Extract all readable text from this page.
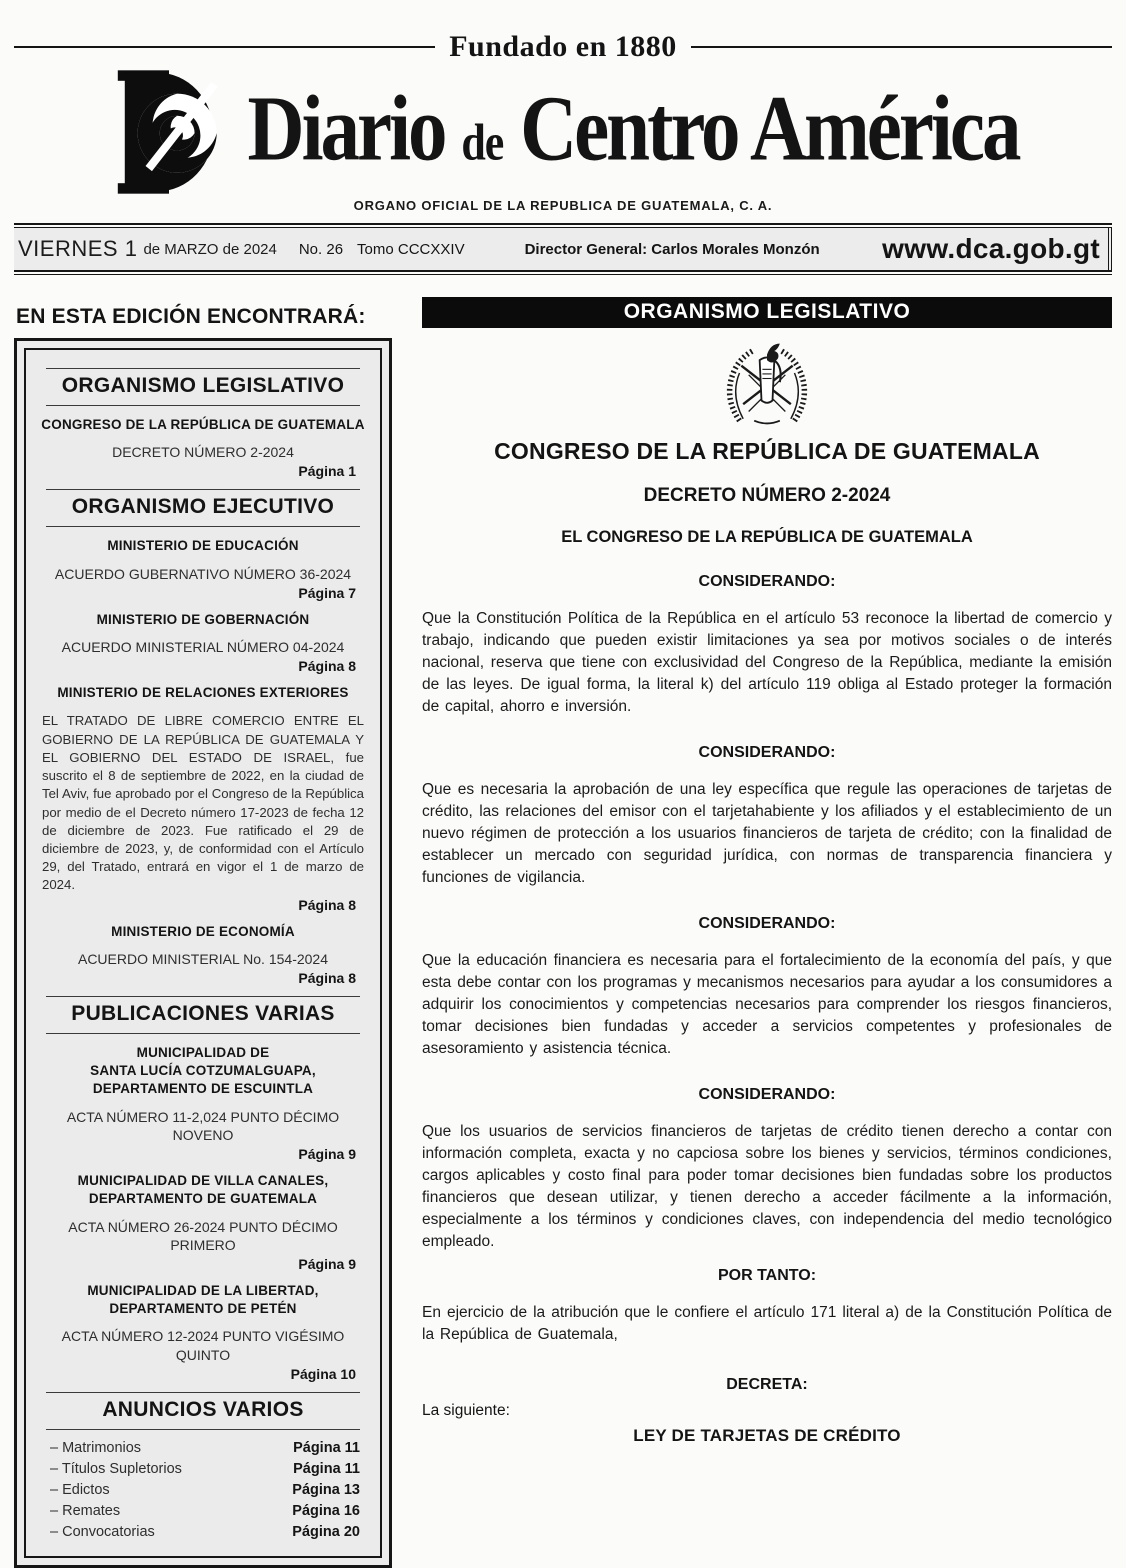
Fundado en 1880
Diario de Centro América
ORGANO OFICIAL DE LA REPUBLICA DE GUATEMALA, C. A.
VIERNES 1 de MARZO de 2024 No. 26 Tomo CCCXXIV	Director General: Carlos Morales Monzón www.dca.gob.gt
EN ESTA EDICIÓN ENCONTRARÁ:
ORGANISMO LEGISLATIVO
CONGRESO DE LA REPÚBLICA DE GUATEMALA
DECRETO NÚMERO 2-2024
Página 1
ORGANISMO EJECUTIVO
MINISTERIO DE EDUCACIÓN
ACUERDO GUBERNATIVO NÚMERO 36-2024
Página 7
MINISTERIO DE GOBERNACIÓN
ACUERDO MINISTERIAL NÚMERO 04-2024
Página 8
MINISTERIO DE RELACIONES EXTERIORES
EL TRATADO DE LIBRE COMERCIO ENTRE EL GOBIERNO DE LA REPÚBLICA DE GUATEMALA Y EL GOBIERNO DEL ESTADO DE ISRAEL, fue suscrito el 8 de septiembre de 2022, en la ciudad de Tel Aviv, fue aprobado por el Congreso de la República por medio de el Decreto número 17-2023 de fecha 12 de diciembre de 2023. Fue ratificado el 29 de diciembre de 2023, y, de conformidad con el Artículo 29, del Tratado, entrará en vigor el 1 de marzo de 2024.
Página 8
MINISTERIO DE ECONOMÍA
ACUERDO MINISTERIAL No. 154-2024
Página 8
PUBLICACIONES VARIAS
MUNICIPALIDAD DE
SANTA LUCÍA COTZUMALGUAPA,
DEPARTAMENTO DE ESCUINTLA
ACTA NÚMERO 11-2,024 PUNTO DÉCIMO NOVENO
Página 9
MUNICIPALIDAD DE VILLA CANALES,
DEPARTAMENTO DE GUATEMALA
ACTA NÚMERO 26-2024 PUNTO DÉCIMO PRIMERO
Página 9
MUNICIPALIDAD DE LA LIBERTAD,
DEPARTAMENTO DE PETÉN
ACTA NÚMERO 12-2024 PUNTO VIGÉSIMO QUINTO
Página 10
ANUNCIOS VARIOS
– Matrimonios	Página 11
– Títulos Supletorios	Página 11
– Edictos	Página 13
– Remates	Página 16
– Convocatorias	Página 20
ORGANISMO LEGISLATIVO
CONGRESO DE LA REPÚBLICA DE GUATEMALA
DECRETO NÚMERO 2-2024
EL CONGRESO DE LA REPÚBLICA DE GUATEMALA
CONSIDERANDO:
Que la Constitución Política de la República en el artículo 53 reconoce la libertad de comercio y trabajo, indicando que pueden existir limitaciones ya sea por motivos sociales o de interés nacional, reserva que tiene con exclusividad del Congreso de la República, mediante la emisión de las leyes. De igual forma, la literal k) del artículo 119 obliga al Estado proteger la formación de capital, ahorro e inversión.
CONSIDERANDO:
Que es necesaria la aprobación de una ley específica que regule las operaciones de tarjetas de crédito, las relaciones del emisor con el tarjetahabiente y los afiliados y el establecimiento de un nuevo régimen de protección a los usuarios financieros de tarjeta de crédito; con la finalidad de establecer un mercado con seguridad jurídica, con normas de transparencia financiera y funciones de vigilancia.
CONSIDERANDO:
Que la educación financiera es necesaria para el fortalecimiento de la economía del país, y que esta debe contar con los programas y mecanismos necesarios para ayudar a los consumidores a adquirir los conocimientos y competencias necesarios para comprender los riesgos financieros, tomar decisiones bien fundadas y acceder a servicios competentes y profesionales de asesoramiento y asistencia técnica.
CONSIDERANDO:
Que los usuarios de servicios financieros de tarjetas de crédito tienen derecho a contar con información completa, exacta y no capciosa sobre los bienes y servicios, términos condiciones, cargos aplicables y costo final para poder tomar decisiones bien fundadas sobre los productos financieros que desean utilizar, y tienen derecho a acceder fácilmente a la información, especialmente a los términos y condiciones claves, con independencia del medio tecnológico empleado.
POR TANTO:
En ejercicio de la atribución que le confiere el artículo 171 literal a) de la Constitución Política de la República de Guatemala,
DECRETA:
La siguiente:
LEY DE TARJETAS DE CRÉDITO
